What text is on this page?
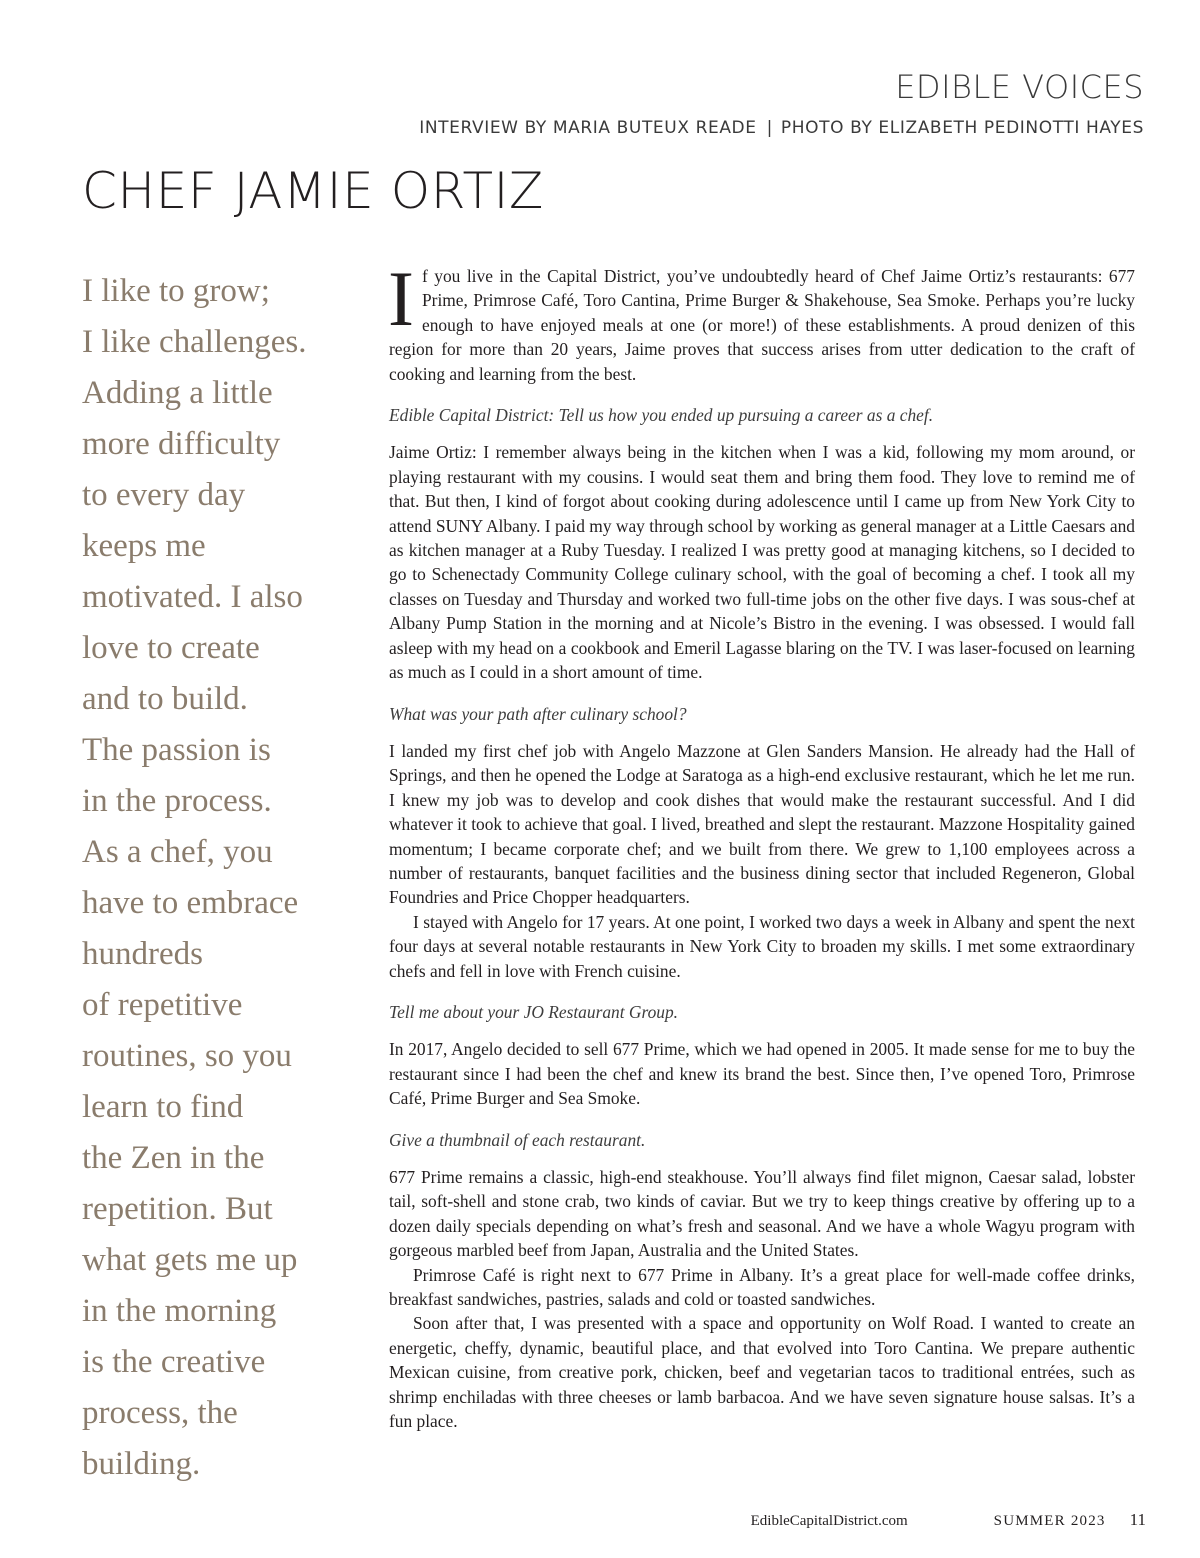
EDIBLE VOICES
INTERVIEW BY MARIA BUTEUX READE | PHOTO BY ELIZABETH PEDINOTTI HAYES
CHEF JAMIE ORTIZ
I like to grow;
I like challenges.
Adding a little
more difficulty
to every day
keeps me
motivated. I also
love to create
and to build.
The passion is
in the process.
As a chef, you
have to embrace
hundreds
of repetitive
routines, so you
learn to find
the Zen in the
repetition. But
what gets me up
in the morning
is the creative
process, the
building.

If you live in the Capital District, you’ve undoubtedly heard of Chef Jaime Ortiz’s restaurants: 677 Prime, Primrose Café, Toro Cantina, Prime Burger & Shakehouse, Sea Smoke. Perhaps you’re lucky enough to have enjoyed meals at one (or more!) of these establishments. A proud denizen of this region for more than 20 years, Jaime proves that success arises from utter dedication to the craft of cooking and learning from the best.

Edible Capital District: Tell us how you ended up pursuing a career as a chef.

Jaime Ortiz: I remember always being in the kitchen when I was a kid, following my mom around, or playing restaurant with my cousins. I would seat them and bring them food. They love to remind me of that. But then, I kind of forgot about cooking during adolescence until I came up from New York City to attend SUNY Albany. I paid my way through school by working as general manager at a Little Caesars and as kitchen manager at a Ruby Tuesday. I realized I was pretty good at managing kitchens, so I decided to go to Schenectady Community College culinary school, with the goal of becoming a chef. I took all my classes on Tuesday and Thursday and worked two full-time jobs on the other five days. I was sous-chef at Albany Pump Station in the morning and at Nicole’s Bistro in the evening. I was obsessed. I would fall asleep with my head on a cookbook and Emeril Lagasse blaring on the TV. I was laser-focused on learning as much as I could in a short amount of time.

What was your path after culinary school?

I landed my first chef job with Angelo Mazzone at Glen Sanders Mansion. He already had the Hall of Springs, and then he opened the Lodge at Saratoga as a high-end exclusive restaurant, which he let me run. I knew my job was to develop and cook dishes that would make the restaurant successful. And I did whatever it took to achieve that goal. I lived, breathed and slept the restaurant. Mazzone Hospitality gained momentum; I became corporate chef; and we built from there. We grew to 1,100 employees across a number of restaurants, banquet facilities and the business dining sector that included Regeneron, Global Foundries and Price Chopper headquarters.

I stayed with Angelo for 17 years. At one point, I worked two days a week in Albany and spent the next four days at several notable restaurants in New York City to broaden my skills. I met some extraordinary chefs and fell in love with French cuisine.

Tell me about your JO Restaurant Group.

In 2017, Angelo decided to sell 677 Prime, which we had opened in 2005. It made sense for me to buy the restaurant since I had been the chef and knew its brand the best. Since then, I’ve opened Toro, Primrose Café, Prime Burger and Sea Smoke.

Give a thumbnail of each restaurant.

677 Prime remains a classic, high-end steakhouse. You’ll always find filet mignon, Caesar salad, lobster tail, soft-shell and stone crab, two kinds of caviar. But we try to keep things creative by offering up to a dozen daily specials depending on what’s fresh and seasonal. And we have a whole Wagyu program with gorgeous marbled beef from Japan, Australia and the United States.

Primrose Café is right next to 677 Prime in Albany. It’s a great place for well-made coffee drinks, breakfast sandwiches, pastries, salads and cold or toasted sandwiches.

Soon after that, I was presented with a space and opportunity on Wolf Road. I wanted to create an energetic, cheffy, dynamic, beautiful place, and that evolved into Toro Cantina. We prepare authentic Mexican cuisine, from creative pork, chicken, beef and vegetarian tacos to traditional entrées, such as shrimp enchiladas with three cheeses or lamb barbacoa. And we have seven signature house salsas. It’s a fun place.

EdibleCapitalDistrict.com	SUMMER 2023 11
